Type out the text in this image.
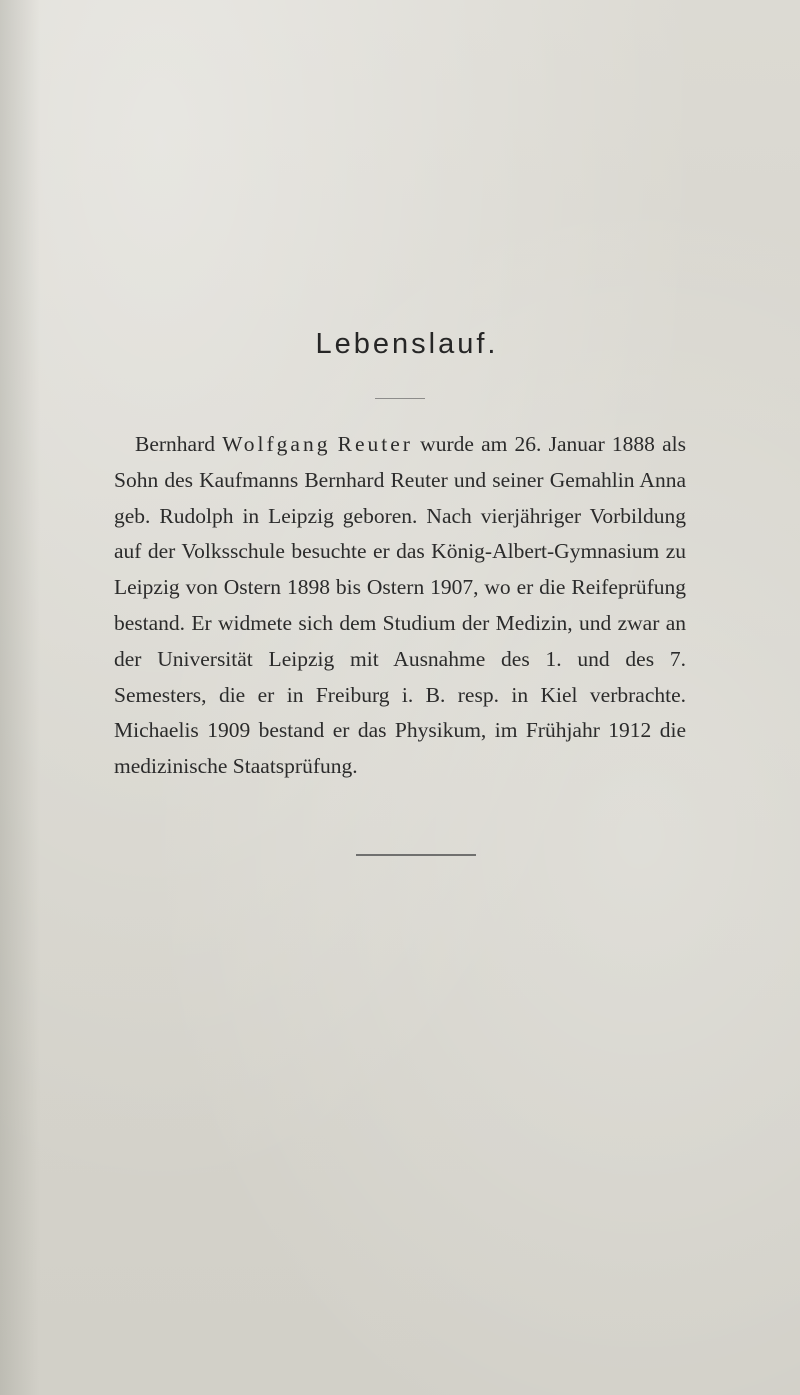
Lebenslauf.

Bernhard Wolfgang Reuter wurde am 26. Januar 1888 als Sohn des Kaufmanns Bernhard Reuter und seiner Gemahlin Anna geb. Rudolph in Leipzig geboren. Nach vierjähriger Vorbildung auf der Volksschule besuchte er das König-Albert-Gymnasium zu Leipzig von Ostern 1898 bis Ostern 1907, wo er die Reifeprüfung bestand. Er widmete sich dem Studium der Medizin, und zwar an der Universität Leipzig mit Ausnahme des 1. und des 7. Semesters, die er in Freiburg i. B. resp. in Kiel verbrachte. Michaelis 1909 bestand er das Physikum, im Frühjahr 1912 die medizinische Staatsprüfung.
